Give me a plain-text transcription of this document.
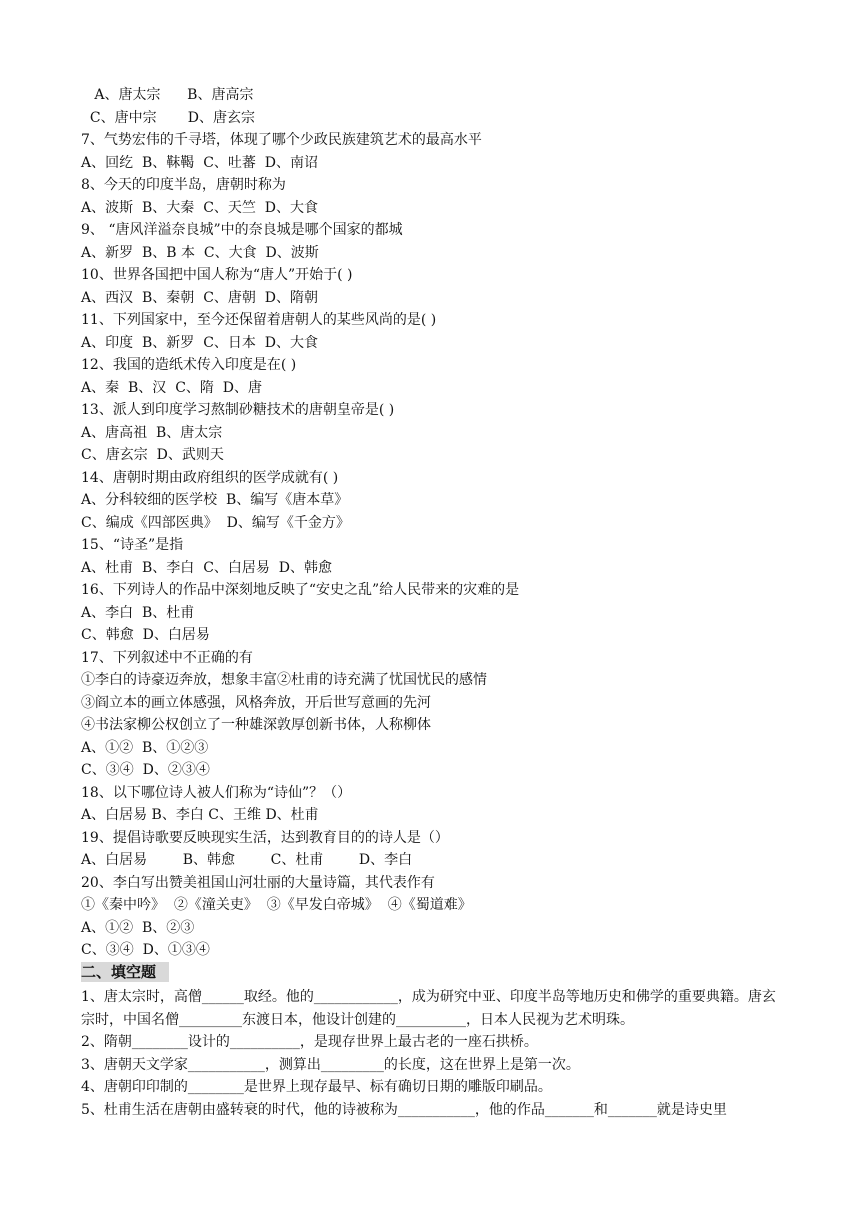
A、唐太宗      B、唐高宗
C、唐中宗       D、唐玄宗
7、气势宏伟的千寻塔，体现了哪个少政民族建筑艺术的最高水平
A、回纥  B、靺鞨  C、吐蕃  D、南诏
8、今天的印度半岛，唐朝时称为
A、波斯  B、大秦  C、天竺  D、大食
9、 “唐风洋溢奈良城”中的奈良城是哪个国家的都城
A、新罗  B、B 本  C、大食  D、波斯
10、世界各国把中国人称为“唐人”开始于( )
A、西汉  B、秦朝  C、唐朝  D、隋朝
11、下列国家中，至今还保留着唐朝人的某些风尚的是( )
A、印度  B、新罗  C、日本  D、大食
12、我国的造纸术传入印度是在( )
A、秦  B、汉  C、隋  D、唐
13、派人到印度学习熬制砂糖技术的唐朝皇帝是( )
A、唐高祖  B、唐太宗
C、唐玄宗  D、武则天
14、唐朝时期由政府组织的医学成就有( )
A、分科较细的医学校  B、编写《唐本草》
C、编成《四部医典》  D、编写《千金方》
15、“诗圣”是指
A、杜甫  B、李白  C、白居易  D、韩愈
16、下列诗人的作品中深刻地反映了“安史之乱”给人民带来的灾难的是
A、李白  B、杜甫
C、韩愈  D、白居易
17、下列叙述中不正确的有
①李白的诗豪迈奔放，想象丰富②杜甫的诗充满了忧国忧民的感情
③阎立本的画立体感强，风格奔放，开后世写意画的先河
④书法家柳公权创立了一种雄深敦厚创新书体，人称柳体
A、①②  B、①②③
C、③④  D、②③④
18、以下哪位诗人被人们称为“诗仙”？（）
A、白居易 B、李白 C、王维 D、杜甫
19、提倡诗歌要反映现实生活，达到教育目的的诗人是（）
A、白居易        B、韩愈        C、杜甫        D、李白
20、李白写出赞美祖国山河壮丽的大量诗篇，其代表作有
①《秦中吟》  ②《潼关吏》  ③《早发白帝城》  ④《蜀道难》
A、①②  B、②③
C、③④  D、①③④
二、填空题

1、唐太宗时，高僧______取经。他的____________，成为研究中亚、印度半岛等地历史和佛学的重要典籍。唐玄宗时，中国名僧_________东渡日本，他设计创建的__________，日本人民视为艺术明珠。

2、隋朝________设计的__________，是现存世界上最古老的一座石拱桥。

3、唐朝天文学家___________，测算出_________的长度，这在世界上是第一次。

4、唐朝印印制的________是世界上现存最早、标有确切日期的雕版印刷品。

5、杜甫生活在唐朝由盛转衰的时代，他的诗被称为___________，他的作品_______和_______就是诗史里
